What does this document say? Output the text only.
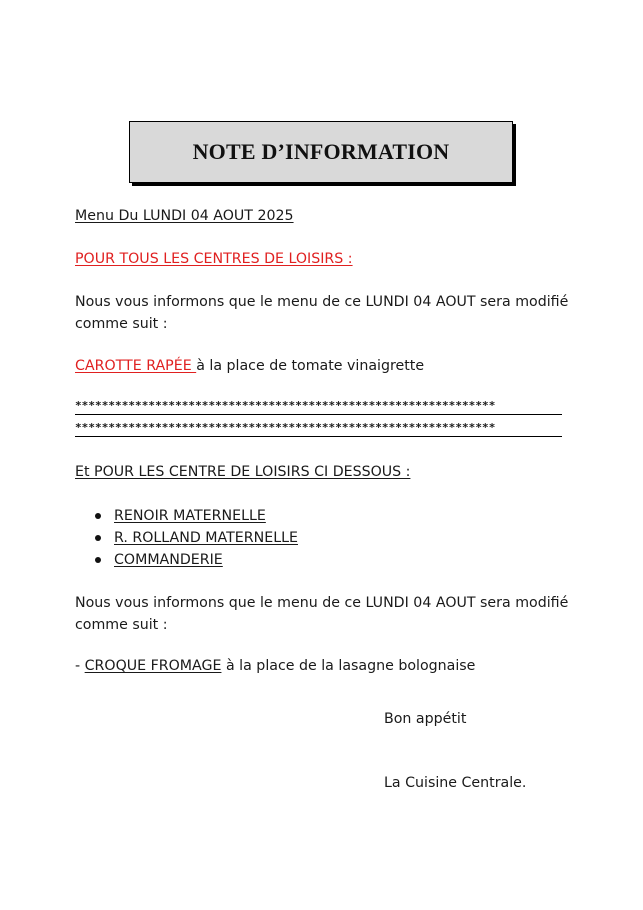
NOTE D’INFORMATION
Menu Du LUNDI 04 AOUT 2025
POUR TOUS LES CENTRES DE LOISIRS :
Nous vous informons que le menu de ce LUNDI 04 AOUT sera modifié
comme suit :
CAROTTE RAPÉE à la place de tomate vinaigrette
***************************************************************
***************************************************************
Et POUR LES CENTRE DE LOISIRS CI DESSOUS :
RENOIR MATERNELLE
R. ROLLAND MATERNELLE
COMMANDERIE
Nous vous informons que le menu de ce LUNDI 04 AOUT sera modifié
comme suit :
- CROQUE FROMAGE à la place de la lasagne bolognaise
Bon appétit
La Cuisine Centrale.
